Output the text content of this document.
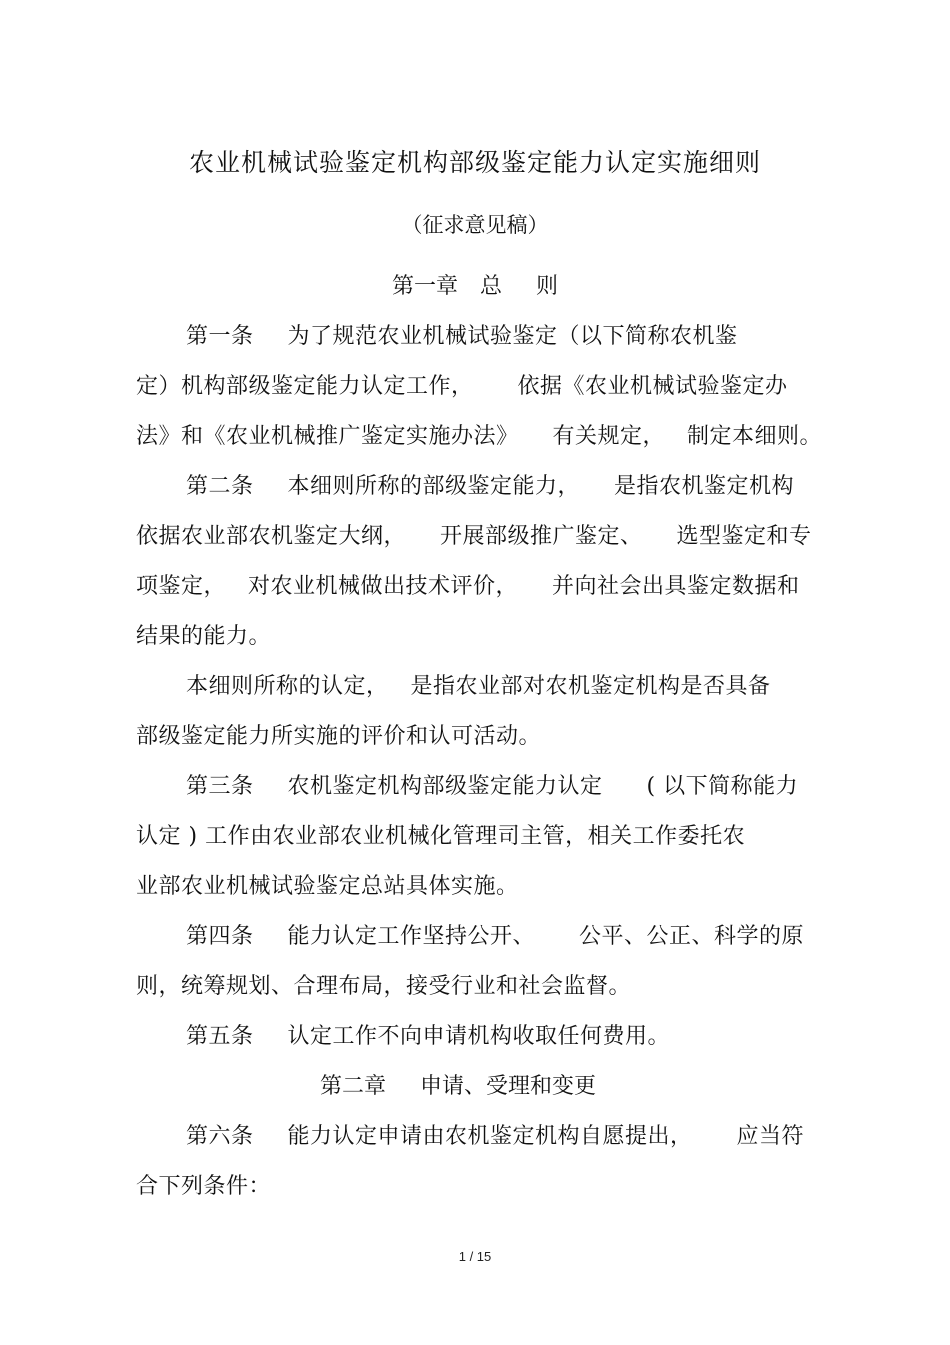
农业机械试验鉴定机构部级鉴定能力认定实施细则
（征求意见稿）
第一章 总 则
第一条 为了规范农业机械试验鉴定（以下简称农机鉴
定）机构部级鉴定能力认定工作， 依据《农业机械试验鉴定办
法》和《农业机械推广鉴定实施办法》 有关规定， 制定本细则。
第二条 本细则所称的部级鉴定能力， 是指农机鉴定机构
依据农业部农机鉴定大纲， 开展部级推广鉴定、 选型鉴定和专
项鉴定， 对农业机械做出技术评价， 并向社会出具鉴定数据和
结果的能力。
本细则所称的认定， 是指农业部对农机鉴定机构是否具备
部级鉴定能力所实施的评价和认可活动。
第三条 农机鉴定机构部级鉴定能力认定 ( 以下简称能力
认定 ) 工作由农业部农业机械化管理司主管，相关工作委托农
业部农业机械试验鉴定总站具体实施。
第四条 能力认定工作坚持公开、 公平、公正、科学的原
则，统筹规划、合理布局，接受行业和社会监督。
第五条 认定工作不向申请机构收取任何费用。
第二章 申请、受理和变更
第六条 能力认定申请由农机鉴定机构自愿提出， 应当符
合下列条件：
1 / 15
